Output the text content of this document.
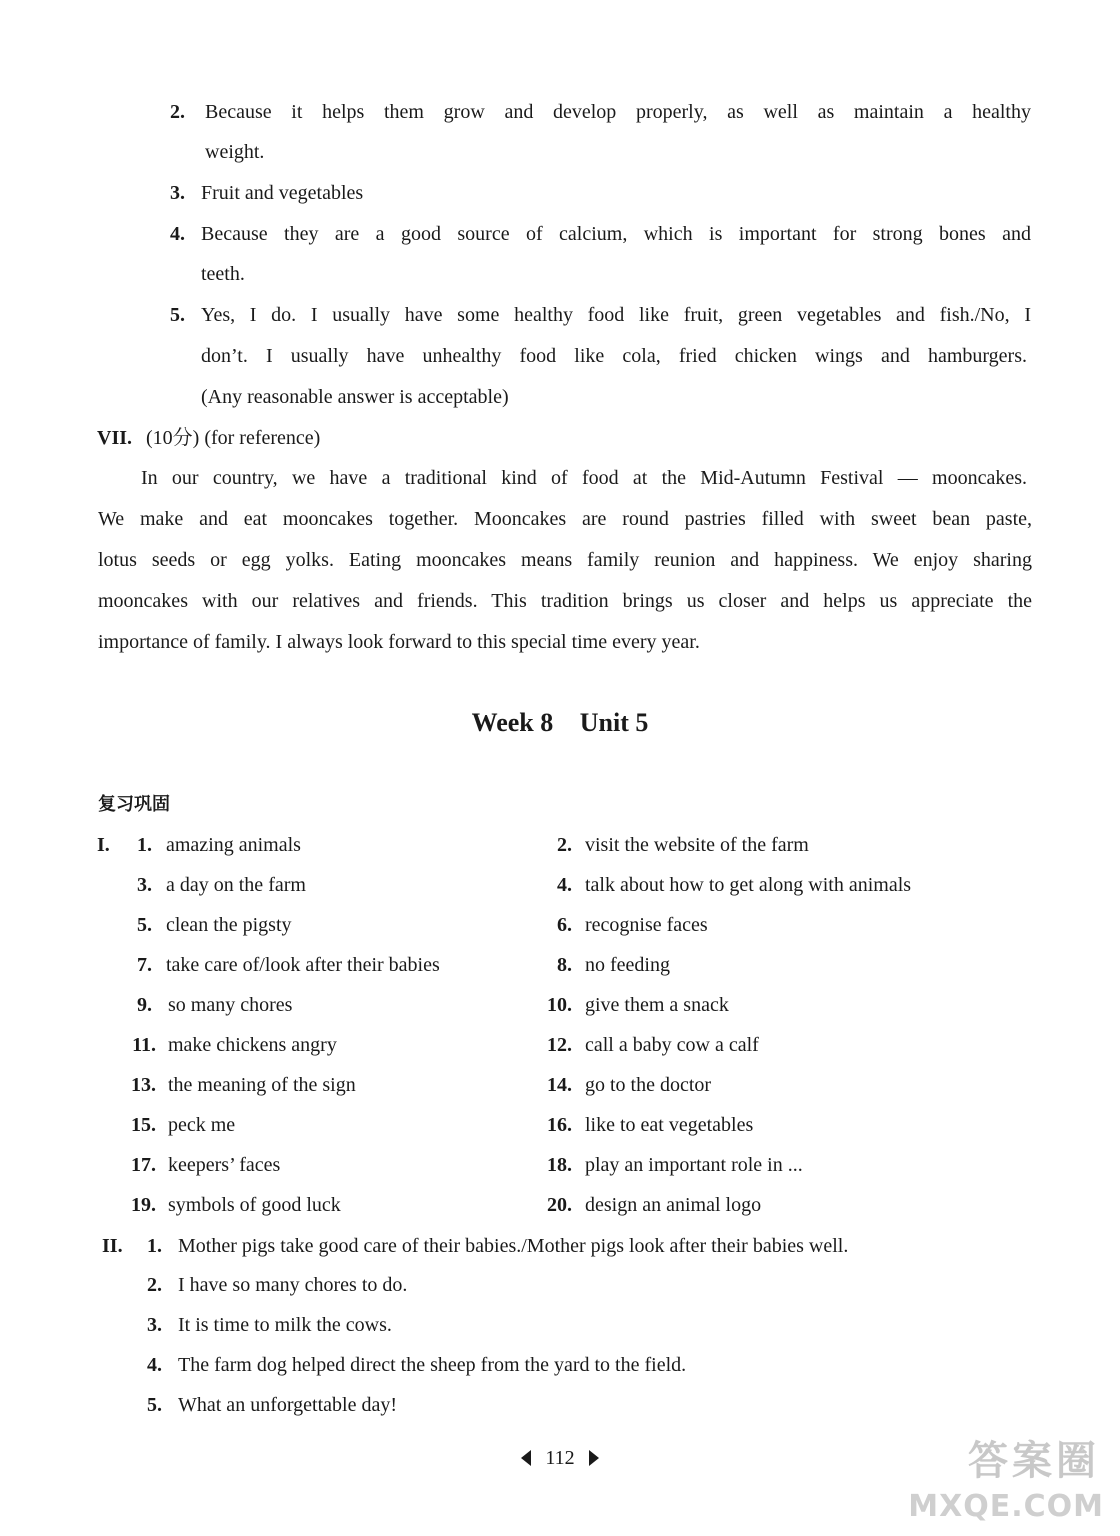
2. Because it helps them grow and develop properly, as well as maintain a healthy
weight.
3. Fruit and vegetables
4. Because they are a good source of calcium, which is important for strong bones and
teeth.
5. Yes, I do. I usually have some healthy food like fruit, green vegetables and fish./No, I
don’t. I usually have unhealthy food like cola, fried chicken wings and hamburgers.
(Any reasonable answer is acceptable)
VII. (10分) (for reference)
In our country, we have a traditional kind of food at the Mid-Autumn Festival — mooncakes.
We make and eat mooncakes together. Mooncakes are round pastries filled with sweet bean paste,
lotus seeds or egg yolks. Eating mooncakes means family reunion and happiness. We enjoy sharing
mooncakes with our relatives and friends. This tradition brings us closer and helps us appreciate the
importance of family. I always look forward to this special time every year.
Week 8 Unit 5
复习巩固
I.	1. amazing animals	2. visit the website of the farm
3. a day on the farm	4. talk about how to get along with animals
5. clean the pigsty	6. recognise faces
7. take care of/look after their babies	8. no feeding
9. so many chores	10. give them a snack
11. make chickens angry	12. call a baby cow a calf
13. the meaning of the sign	14. go to the doctor
15. peck me	16. like to eat vegetables
17. keepers’ faces	18. play an important role in ...
19. symbols of good luck	20. design an animal logo
II. 1. Mother pigs take good care of their babies./Mother pigs look after their babies well.
2. I have so many chores to do.
3. It is time to milk the cows.
4. The farm dog helped direct the sheep from the yard to the field.
5. What an unforgettable day!
112	答案圈
MXQE.COM
